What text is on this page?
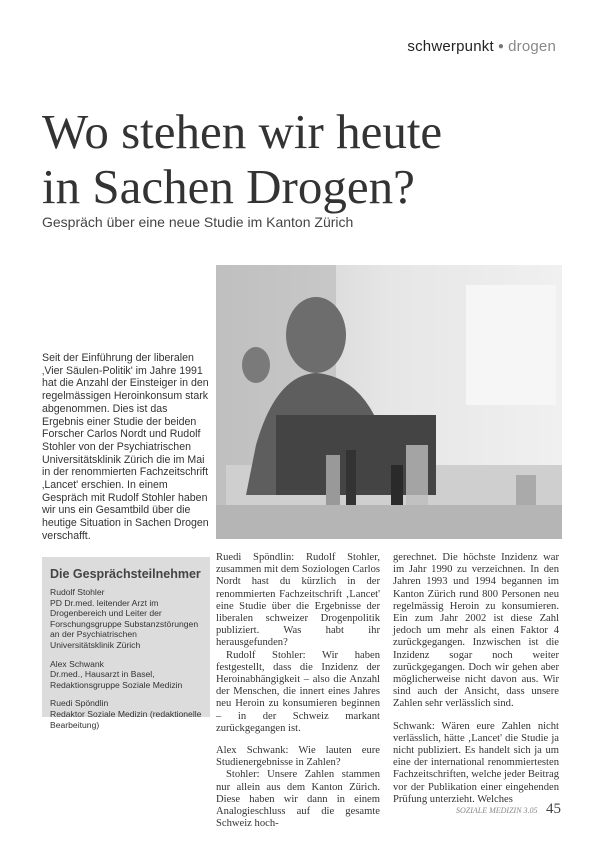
schwerpunkt ● drogen
Wo stehen wir heute
in Sachen Drogen?

Gespräch über eine neue Studie im Kanton Zürich

Seit der Einführung der liberalen ‚Vier Säulen-Politik' im Jahre 1991 hat die Anzahl der Einsteiger in den regelmässigen Heroinkonsum stark abgenommen. Dies ist das Ergebnis einer Studie der beiden Forscher Carlos Nordt und Rudolf Stohler von der Psychiatrischen Universitätsklinik Zürich die im Mai in der renommierten Fachzeitschrift ‚Lancet' erschien. In einem Gespräch mit Rudolf Stohler haben wir uns ein Gesamtbild über die heutige Situation in Sachen Drogen verschafft.

Die Gesprächsteilnehmer
Rudolf Stohler
PD Dr.med. leitender Arzt im Drogenbereich und Leiter der Forschungsgruppe Substanzstörungen an der Psychiatrischen Universitätsklinik Zürich
Alex Schwank
Dr.med., Hausarzt in Basel, Redaktionsgruppe Soziale Medizin
Ruedi Spöndlin
Redaktor Soziale Medizin (redaktionelle Bearbeitung)

Ruedi Spöndlin: Rudolf Stohler, zusammen mit dem Soziologen Carlos Nordt hast du kürzlich in der renommierten Fachzeitschrift ‚Lancet' eine Studie über die Ergebnisse der liberalen schweizer Drogenpolitik publiziert. Was habt ihr herausgefunden?

Rudolf Stohler: Wir haben festgestellt, dass die Inzidenz der Heroinabhängigkeit – also die Anzahl der Menschen, die innert eines Jahres neu Heroin zu konsumieren beginnen – in der Schweiz markant zurückgegangen ist.

Alex Schwank: Wie lauten eure Studienergebnisse in Zahlen?

Stohler: Unsere Zahlen stammen nur allein aus dem Kanton Zürich. Diese haben wir dann in einem Analogieschluss auf die gesamte Schweiz hoch-

gerechnet. Die höchste Inzidenz war im Jahr 1990 zu verzeichnen. In den Jahren 1993 und 1994 begannen im Kanton Zürich rund 800 Personen neu regelmässig Heroin zu konsumieren. Ein zum Jahr 2002 ist diese Zahl jedoch um mehr als einen Faktor 4 zurückgegangen. Inzwischen ist die Inzidenz sogar noch weiter zurückgegangen. Doch wir gehen aber möglicherweise nicht davon aus. Wir sind auch der Ansicht, dass unsere Zahlen sehr verlässlich sind.

Schwank: Wären eure Zahlen nicht verlässlich, hätte ‚Lancet' die Studie ja nicht publiziert. Es handelt sich ja um eine der international renommiertesten Fachzeitschriften, welche jeder Beitrag vor der Publikation einer eingehenden Prüfung unterzieht. Welches

SOZIALE MEDIZIN 3.05 45
